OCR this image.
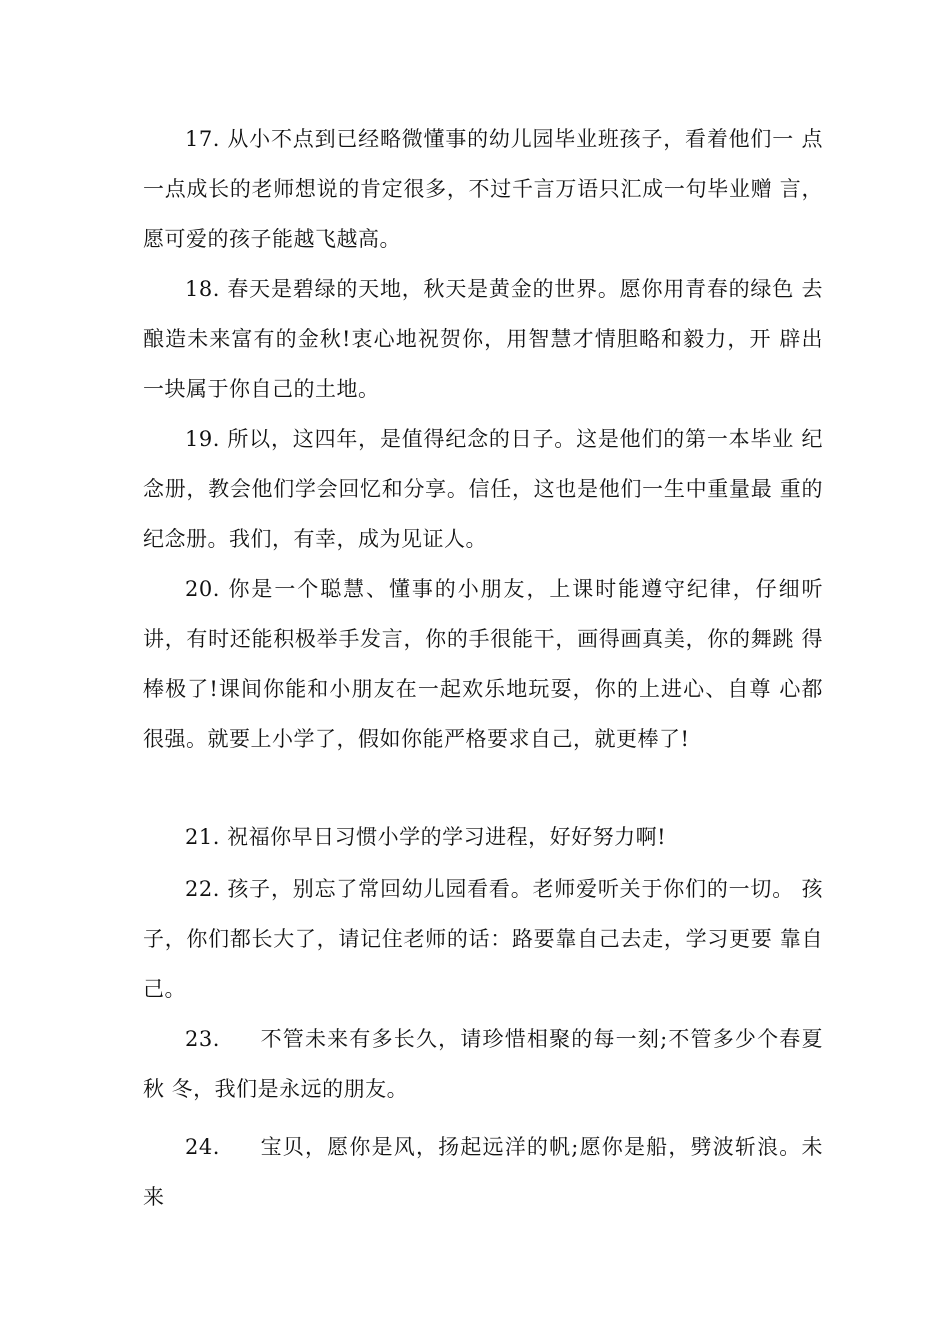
17. 从小不点到已经略微懂事的幼儿园毕业班孩子，看着他们一 点一点成长的老师想说的肯定很多，不过千言万语只汇成一句毕业赠 言，愿可爱的孩子能越飞越高。

18. 春天是碧绿的天地，秋天是黄金的世界。愿你用青春的绿色 去酿造未来富有的金秋!衷心地祝贺你，用智慧才情胆略和毅力，开 辟出一块属于你自己的土地。

19. 所以，这四年，是值得纪念的日子。这是他们的第一本毕业 纪念册，教会他们学会回忆和分享。信任，这也是他们一生中重量最 重的纪念册。我们，有幸，成为见证人。

20. 你是一个聪慧、懂事的小朋友，上课时能遵守纪律，仔细听讲，有时还能积极举手发言，你的手很能干，画得画真美，你的舞跳 得棒极了!课间你能和小朋友在一起欢乐地玩耍，你的上进心、自尊 心都很强。就要上小学了，假如你能严格要求自己，就更棒了!

21. 祝福你早日习惯小学的学习进程，好好努力啊!

22. 孩子，别忘了常回幼儿园看看。老师爱听关于你们的一切。 孩子，你们都长大了，请记住老师的话：路要靠自己去走，学习更要 靠自己。

23. 不管未来有多长久，请珍惜相聚的每一刻;不管多少个春夏秋 冬，我们是永远的朋友。

24. 宝贝，愿你是风，扬起远洋的帆;愿你是船，劈波斩浪。未来
